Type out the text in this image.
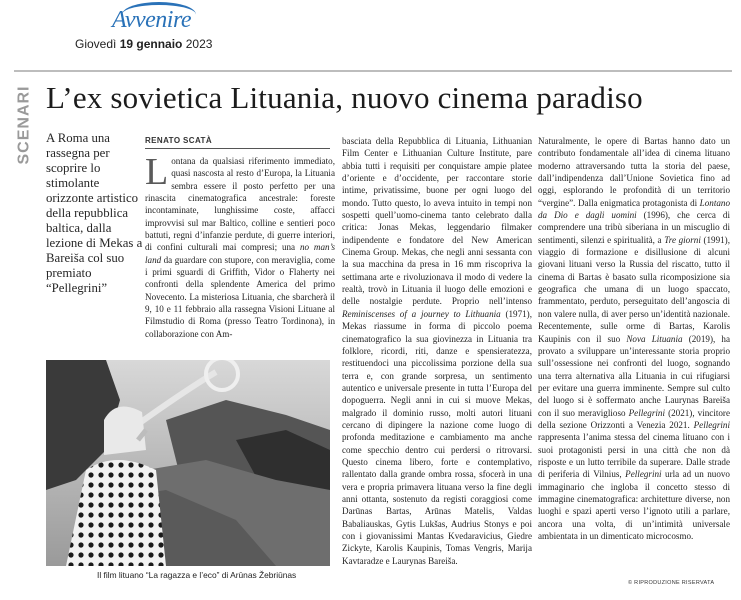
Avvenire
Giovedì 19 gennaio 2023
SCENARI L’ex sovietica Lituania, nuovo cinema paradiso
A Roma una rassegna per scoprire lo stimolante orizzonte artistico della repubblica baltica, dalla lezione di Mekas a Bareiša col suo premiato “Pellegrini”
RENATO SCATÀ
Lontana da qualsiasi riferimento immediato, quasi nascosta al resto d’Europa, la Lituania sembra essere il posto perfetto per una rinascita cinematografica ancestrale: foreste incontaminate, lunghissime coste, affacci improvvisi sul mar Baltico, colline e sentieri poco battuti, regni d’infanzie perdute, di guerre interiori, di confini culturali mai compresi; una no man’s land da guardare con stupore, con meraviglia, come i primi sguardi di Griffith, Vidor o Flaherty nei confronti della splendente America del primo Novecento. La misteriosa Lituania, che sbarcherà il 9, 10 e 11 febbraio alla rassegna Visioni Lituane al Filmstudio di Roma (presso Teatro Tordinona), in collaborazione con Am-
Il film lituano “La ragazza e l’eco” di Arūnas Žebriūnas
basciata della Repubblica di Lituania, Lithuanian Film Center e Lithuanian Culture Institute, pare abbia tutti i requisiti per conquistare ampie platee d’oriente e d’occidente, per raccontare storie intime, privatissime, buone per ogni luogo del mondo. Tutto questo, lo aveva intuito in tempi non sospetti quell’uomo-cinema tanto celebrato dalla critica: Jonas Mekas, leggendario filmaker indipendente e fondatore del New American Cinema Group. Mekas, che negli anni sessanta con la sua macchina da presa in 16 mm riscopriva la settimana arte e rivoluzionava il modo di vedere la realtà, trovò in Lituania il luogo delle emozioni e delle nostalgie perdute. Proprio nell’intenso Reminiscenses of a journey to Lithuania (1971), Mekas riassume in forma di piccolo poema cinematografico la sua giovinezza in Lituania tra folklore, ricordi, riti, danze e spensieratezza, restituendoci una piccolissima porzione della sua terra e, con grande sorpresa, un sentimento autentico e universale presente in tutta l’Europa del dopoguerra. Negli anni in cui si muove Mekas, malgrado il dominio russo, molti autori lituani cercano di dipingere la nazione come luogo di profonda meditazione e cambiamento ma anche come specchio dentro cui perdersi o ritrovarsi. Questo cinema libero, forte e contemplativo, rallentato dalla grande ombra rossa, sfocerà in una vera e propria primavera lituana verso la fine degli anni ottanta, sostenuto da registi coraggiosi come Darūnas Bartas, Arūnas Matelis, Valdas Babaliauskas, Gytis Lukšas, Audrius Stonys e poi con i giovanissimi Mantas Kvedaravicius, Giedre Zickyte, Karolis Kaupinis, Tomas Vengris, Marija Kavtaradze e Laurynas Bareiša.
Naturalmente, le opere di Bartas hanno dato un contributo fondamentale all’idea di cinema lituano moderno attraversando tutta la storia del paese, dall’indipendenza dall’Unione Sovietica fino ad oggi, esplorando le profondità di un territorio “vergine”. Dalla enigmatica protagonista di Lontano da Dio e dagli uomini (1996), che cerca di comprendere una tribù siberiana in un miscuglio di sentimenti, silenzi e spiritualità, a Tre giorni (1991), viaggio di formazione e disillusione di alcuni giovani lituani verso la Russia del riscatto, tutto il cinema di Bartas è basato sulla ricomposizione sia geografica che umana di un luogo spaccato, frammentato, perduto, perseguitato dell’angoscia di non valere nulla, di aver perso un’identità nazionale. Recentemente, sulle orme di Bartas, Karolis Kaupinis con il suo Nova Lituania (2019), ha provato a sviluppare un’interessante storia proprio sull’ossessione nei confronti del luogo, sognando una terra alternativa alla Lituania in cui rifugiarsi per evitare una guerra imminente. Sempre sul culto del luogo si è soffermato anche Laurynas Bareiša con il suo meraviglioso Pellegrini (2021), vincitore della sezione Orizzonti a Venezia 2021. Pellegrini rappresenta l’anima stessa del cinema lituano con i suoi protagonisti persi in una città che non dà risposte e un lutto terribile da superare. Dalle strade di periferia di Vilnius, Pellegrini urla ad un nuovo immaginario che ingloba il concetto stesso di immagine cinematografica: architetture diverse, non luoghi e spazi aperti verso l’ignoto utili a parlare, ancora una volta, di un’intimità universale ambientata in un dimenticato microcosmo.
© RIPRODUZIONE RISERVATA
